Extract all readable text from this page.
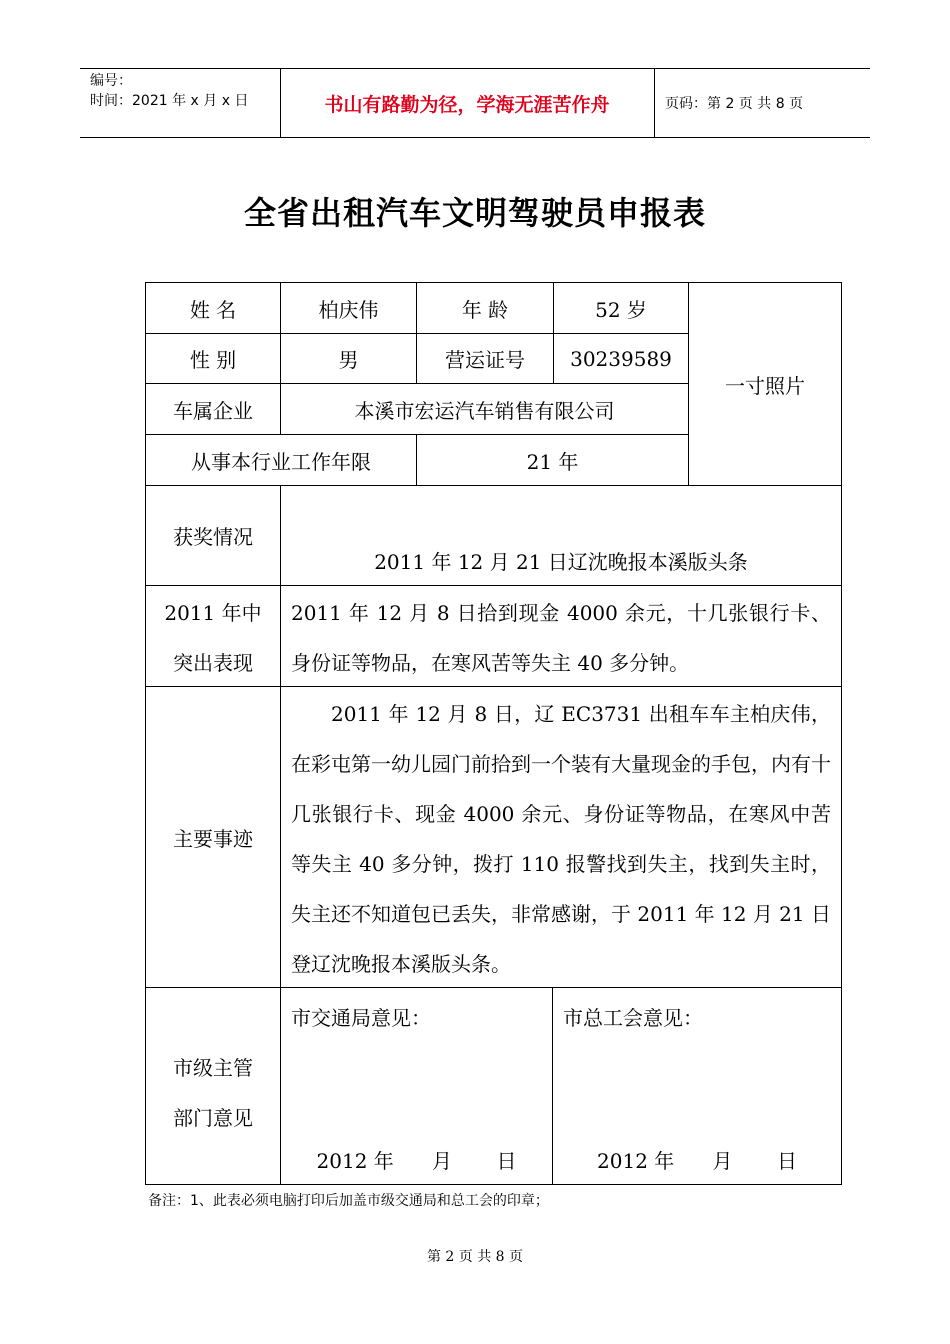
编号：
时间：2021 年 x 月 x 日	书山有路勤为径，学海无涯苦作舟	页码：第 2 页 共 8 页
全省出租汽车文明驾驶员申报表
姓 名	柏庆伟	年 龄	52 岁
一寸照片
性 别	男	营运证号	30239589
车属企业	本溪市宏运汽车销售有限公司
从事本行业工作年限	21 年
获奖情况
2011 年 12 月 21 日辽沈晚报本溪版头条
2011 年中突出表现
2011 年 12 月 8 日拾到现金 4000 余元，十几张银行卡、身份证等物品，在寒风苦等失主 40 多分钟。
主要事迹
2011 年 12 月 8 日，辽 EC3731 出租车车主柏庆伟，在彩屯第一幼儿园门前拾到一个装有大量现金的手包，内有十几张银行卡、现金 4000 余元、身份证等物品，在寒风中苦等失主 40 多分钟，拨打 110 报警找到失主，找到失主时，失主还不知道包已丢失，非常感谢，于 2011 年 12 月 21 日登辽沈晚报本溪版头条。
市级主管部门意见
市交通局意见：
2012 年      月       日
市总工会意见：
2012 年      月       日
备注：1、此表必须电脑打印后加盖市级交通局和总工会的印章；
第 2 页 共 8 页
